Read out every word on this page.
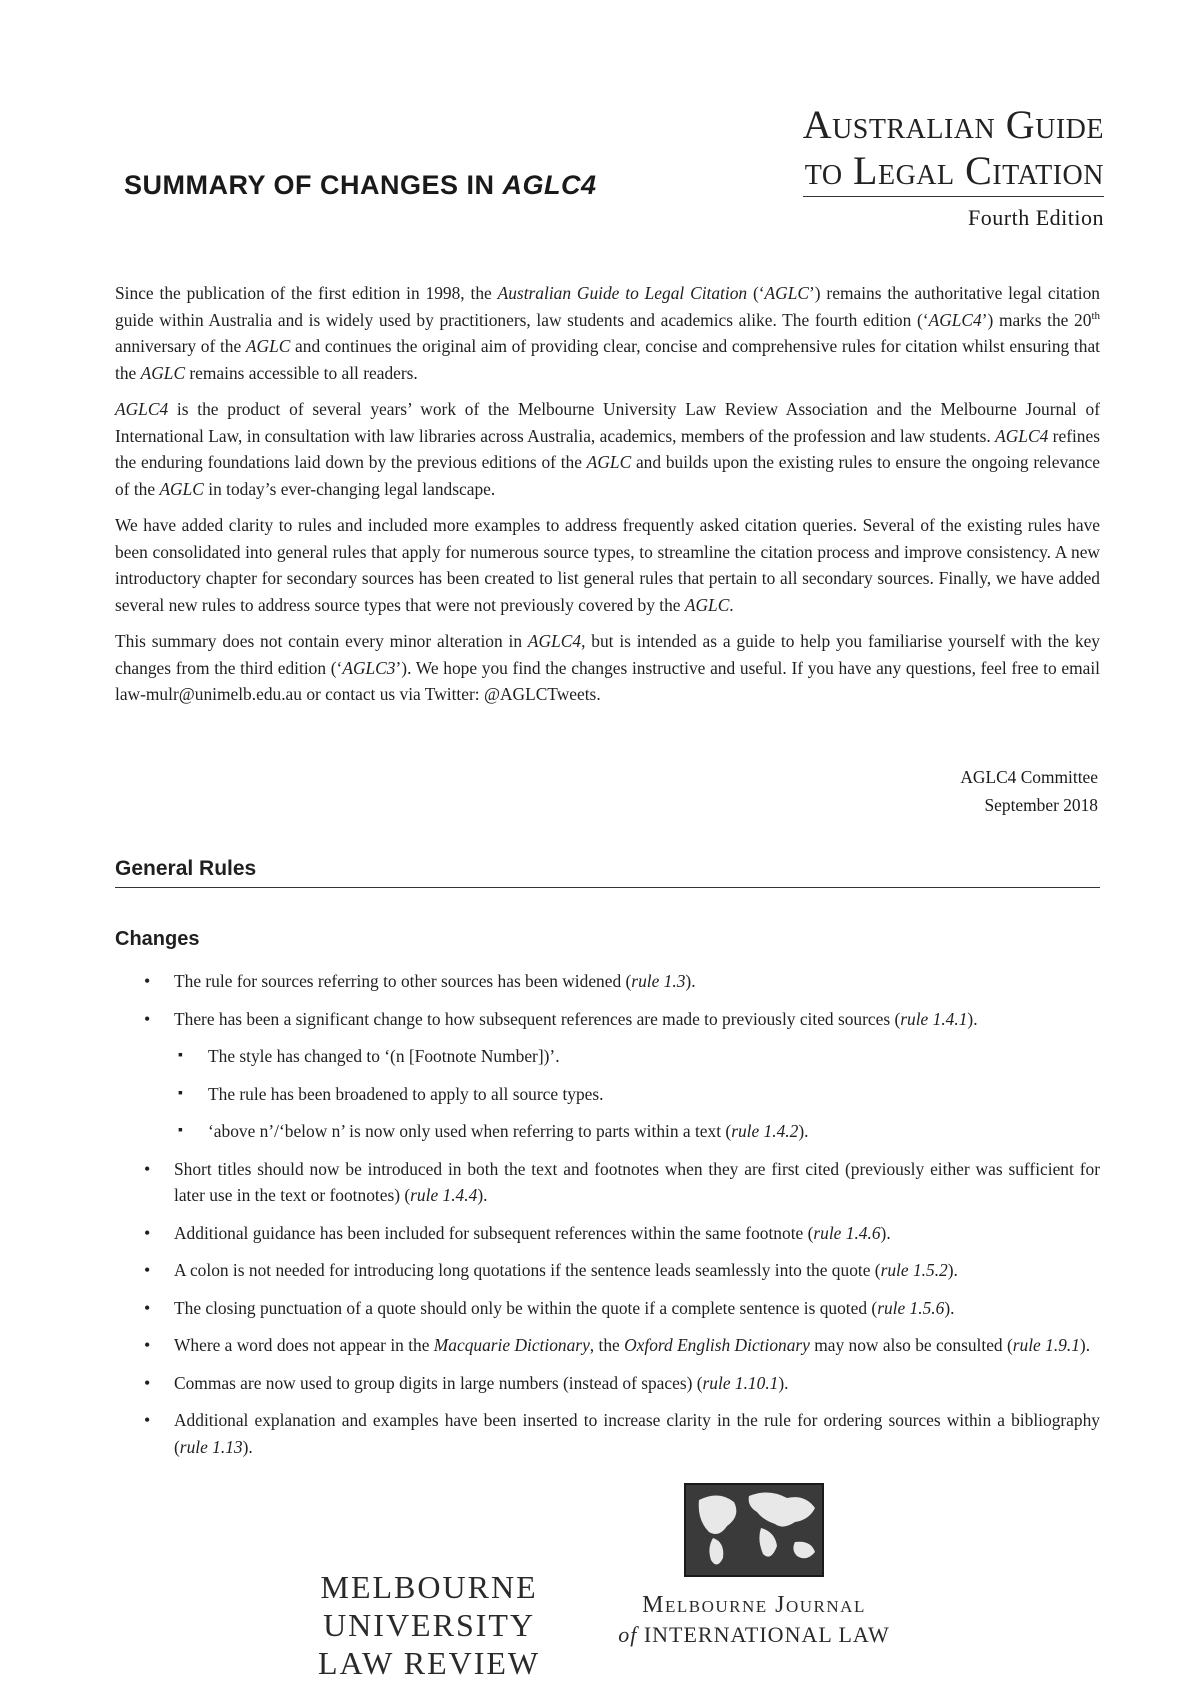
SUMMARY OF CHANGES IN AGLC4
Australian Guide
to Legal Citation
Fourth Edition

Since the publication of the first edition in 1998, the Australian Guide to Legal Citation (‘AGLC’) remains the authoritative legal citation guide within Australia and is widely used by practitioners, law students and academics alike. The fourth edition (‘AGLC4’) marks the 20th anniversary of the AGLC and continues the original aim of providing clear, concise and comprehensive rules for citation whilst ensuring that the AGLC remains accessible to all readers.

AGLC4 is the product of several years’ work of the Melbourne University Law Review Association and the Melbourne Journal of International Law, in consultation with law libraries across Australia, academics, members of the profession and law students. AGLC4 refines the enduring foundations laid down by the previous editions of the AGLC and builds upon the existing rules to ensure the ongoing relevance of the AGLC in today’s ever-changing legal landscape.

We have added clarity to rules and included more examples to address frequently asked citation queries. Several of the existing rules have been consolidated into general rules that apply for numerous source types, to streamline the citation process and improve consistency. A new introductory chapter for secondary sources has been created to list general rules that pertain to all secondary sources. Finally, we have added several new rules to address source types that were not previously covered by the AGLC.

This summary does not contain every minor alteration in AGLC4, but is intended as a guide to help you familiarise yourself with the key changes from the third edition (‘AGLC3’). We hope you find the changes instructive and useful. If you have any questions, feel free to email law-mulr@unimelb.edu.au or contact us via Twitter: @AGLCTweets.

AGLC4 Committee
September 2018
General Rules
Changes
• The rule for sources referring to other sources has been widened (rule 1.3).
• There has been a significant change to how subsequent references are made to previously cited sources (rule 1.4.1).
▪ The style has changed to ‘(n [Footnote Number])’.
▪ The rule has been broadened to apply to all source types.
▪ ‘above n’/‘below n’ is now only used when referring to parts within a text (rule 1.4.2).
• Short titles should now be introduced in both the text and footnotes when they are first cited (previously either was sufficient for later use in the text or footnotes) (rule 1.4.4).
• Additional guidance has been included for subsequent references within the same footnote (rule 1.4.6).
• A colon is not needed for introducing long quotations if the sentence leads seamlessly into the quote (rule 1.5.2).
• The closing punctuation of a quote should only be within the quote if a complete sentence is quoted (rule 1.5.6).
• Where a word does not appear in the Macquarie Dictionary, the Oxford English Dictionary may now also be consulted (rule 1.9.1).
• Commas are now used to group digits in large numbers (instead of spaces) (rule 1.10.1).
• Additional explanation and examples have been inserted to increase clarity in the rule for ordering sources within a bibliography (rule 1.13).
MELBOURNE
UNIVERSITY
LAW REVIEW
Melbourne Journal
of INTERNATIONAL LAW
